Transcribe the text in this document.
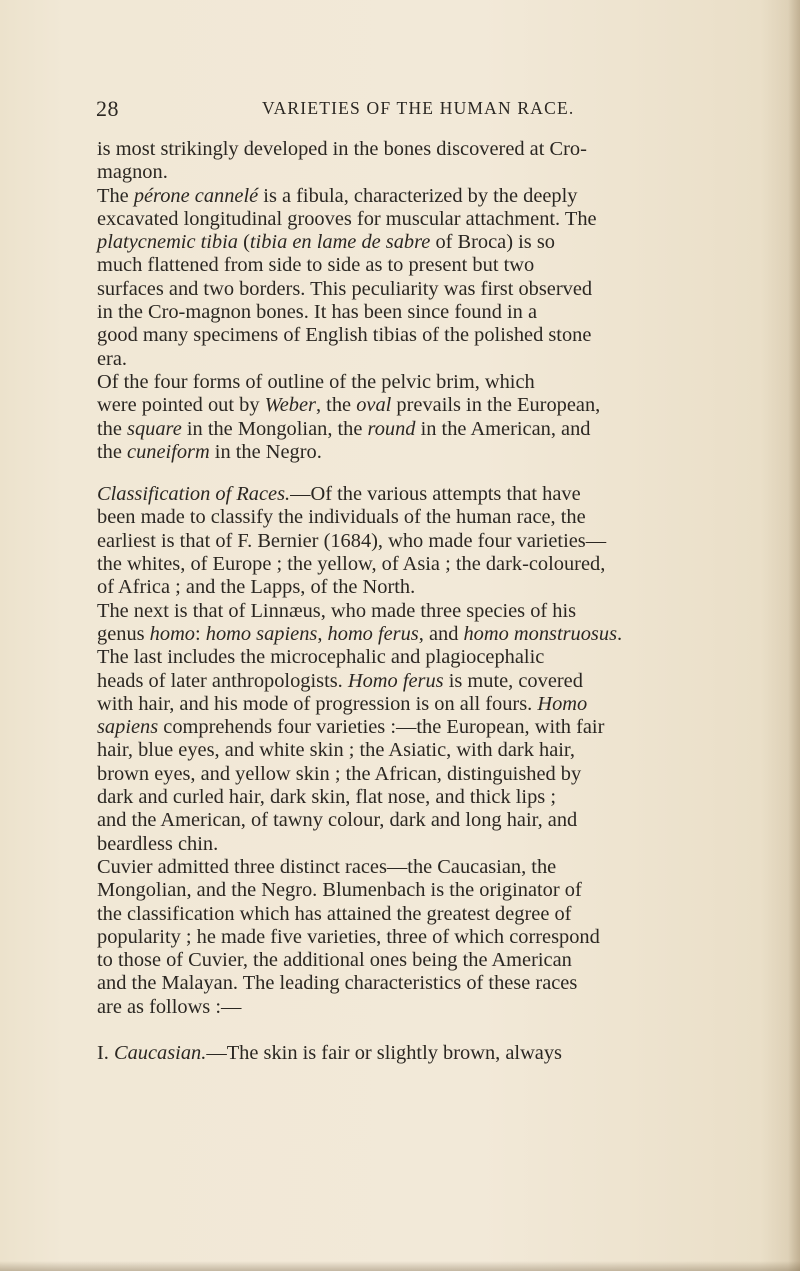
28	VARIETIES OF THE HUMAN RACE.

is most strikingly developed in the bones discovered at Cro-

magnon.

The pérone cannelé is a fibula, characterized by the deeply

excavated longitudinal grooves for muscular attachment. The

platycnemic tibia (tibia en lame de sabre of Broca) is so

much flattened from side to side as to present but two

surfaces and two borders. This peculiarity was first observed

in the Cro-magnon bones. It has been since found in a

good many specimens of English tibias of the polished stone

era.

Of the four forms of outline of the pelvic brim, which

were pointed out by Weber, the oval prevails in the European,

the square in the Mongolian, the round in the American, and

the cuneiform in the Negro.

Classification of Races.—Of the various attempts that have

been made to classify the individuals of the human race, the

earliest is that of F. Bernier (1684), who made four varieties—

the whites, of Europe ; the yellow, of Asia ; the dark-coloured,

of Africa ; and the Lapps, of the North.

The next is that of Linnæus, who made three species of his

genus homo: homo sapiens, homo ferus, and homo monstruosus.

The last includes the microcephalic and plagiocephalic

heads of later anthropologists. Homo ferus is mute, covered

with hair, and his mode of progression is on all fours. Homo

sapiens comprehends four varieties :—the European, with fair

hair, blue eyes, and white skin ; the Asiatic, with dark hair,

brown eyes, and yellow skin ; the African, distinguished by

dark and curled hair, dark skin, flat nose, and thick lips ;

and the American, of tawny colour, dark and long hair, and

beardless chin.

Cuvier admitted three distinct races—the Caucasian, the

Mongolian, and the Negro. Blumenbach is the originator of

the classification which has attained the greatest degree of

popularity ; he made five varieties, three of which correspond

to those of Cuvier, the additional ones being the American

and the Malayan. The leading characteristics of these races

are as follows :—

I. Caucasian.—The skin is fair or slightly brown, always
